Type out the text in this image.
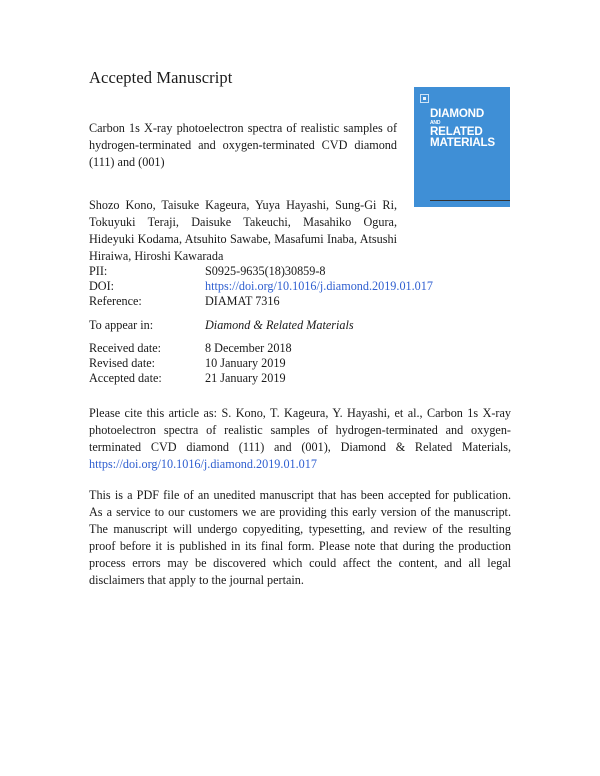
Accepted Manuscript
Carbon 1s X-ray photoelectron spectra of realistic samples of hydrogen-terminated and oxygen-terminated CVD diamond (111) and (001)
DIAMOND
AND
RELATED
MATERIALS
Shozo Kono, Taisuke Kageura, Yuya Hayashi, Sung-Gi Ri, Tokuyuki Teraji, Daisuke Takeuchi, Masahiko Ogura, Hideyuki Kodama, Atsuhito Sawabe, Masafumi Inaba, Atsushi Hiraiwa, Hiroshi Kawarada
PII:	S0925-9635(18)30859-8
DOI:	https://doi.org/10.1016/j.diamond.2019.01.017
Reference:	DIAMAT 7316
To appear in:	Diamond & Related Materials
Received date:	8 December 2018
Revised date:	10 January 2019
Accepted date:	21 January 2019
Please cite this article as: S. Kono, T. Kageura, Y. Hayashi, et al., Carbon 1s X-ray photoelectron spectra of realistic samples of hydrogen-terminated and oxygen-terminated CVD diamond (111) and (001), Diamond & Related Materials, https://doi.org/10.1016/j.diamond.2019.01.017
This is a PDF file of an unedited manuscript that has been accepted for publication. As a service to our customers we are providing this early version of the manuscript. The manuscript will undergo copyediting, typesetting, and review of the resulting proof before it is published in its final form. Please note that during the production process errors may be discovered which could affect the content, and all legal disclaimers that apply to the journal pertain.
